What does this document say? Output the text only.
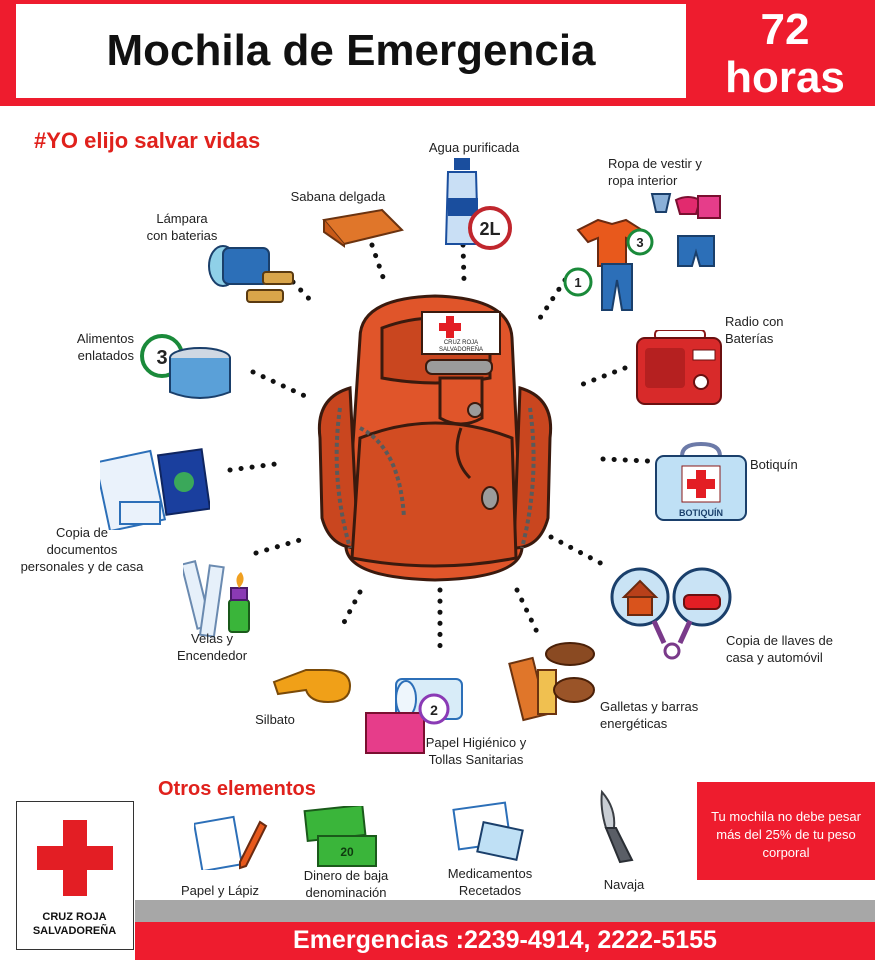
Mochila de Emergencia	72
horas
#YO elijo salvar vidas
CRUZ ROJA
SALVADOREÑA
Agua purificada
2L
Sabana delgada
Ropa de vestir y
ropa interior
3
1
Lámpara
con baterias
Alimentos
enlatados 3
Radio con
Baterías
BOTIQUÍN
Botiquín
Copia de
documentos
personales y de casa
Velas y
Encendedor
Copia de llaves de
casa y automóvil
Silbato
2
Papel Higiénico y
Tollas Sanitarias
Galletas y barras
energéticas
Otros elementos
Papel y Lápiz
20
Dinero de baja
denominación
Medicamentos
Recetados	Navaja
Tu mochila no debe pesar más del 25% de tu peso corporal
CRUZ ROJA
SALVADOREÑA	Emergencias :2239-4914, 2222-5155
